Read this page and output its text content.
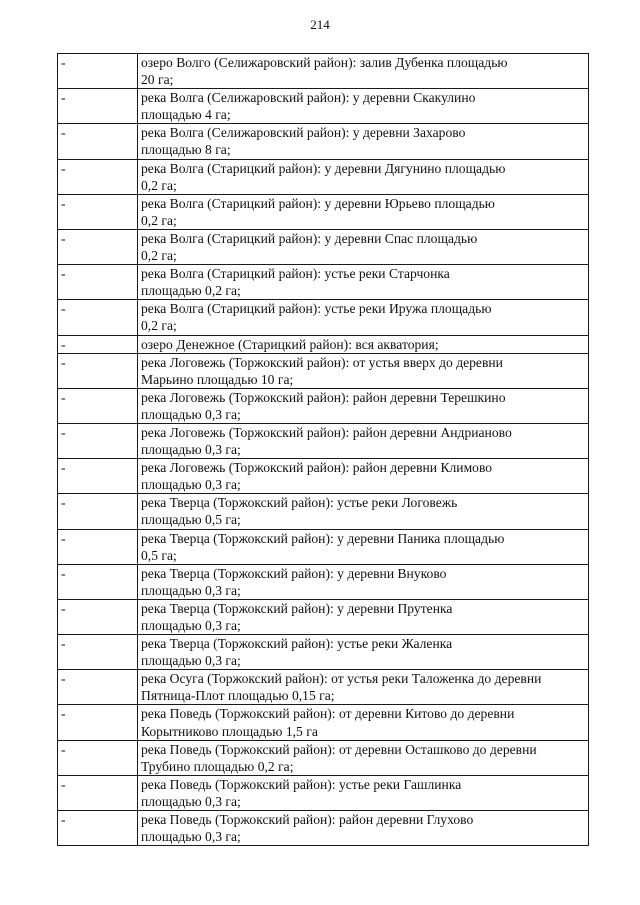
214
-	озеро Волго (Селижаровский район): залив Дубенка площадью
20 га;

-	река Волга (Селижаровский район): у деревни Скакулино
площадью 4 га;

-	река Волга (Селижаровский район): у деревни Захарово
площадью 8 га;

-	река Волга (Старицкий район): у деревни Дягунино площадью
0,2 га;

-	река Волга (Старицкий район): у деревни Юрьево площадью
0,2 га;

-	река Волга (Старицкий район): у деревни Спас площадью
0,2 га;

-	река Волга (Старицкий район): устье реки Старчонка
площадью 0,2 га;

-	река Волга (Старицкий район): устье реки Иружа площадью
0,2 га;

-	озеро Денежное (Старицкий район): вся акватория;

-	река Логовежь (Торжокский район): от устья вверх до деревни
Марьино площадью 10 га;

-	река Логовежь (Торжокский район): район деревни Терешкино
площадью 0,3 га;

-	река Логовежь (Торжокский район): район деревни Андрианово
площадью 0,3 га;

-	река Логовежь (Торжокский район): район деревни Климово
площадью 0,3 га;

-	река Тверца (Торжокский район): устье реки Логовежь
площадью 0,5 га;

-	река Тверца (Торжокский район): у деревни Паника площадью
0,5 га;

-	река Тверца (Торжокский район): у деревни Внуково
площадью 0,3 га;

-	река Тверца (Торжокский район): у деревни Прутенка
площадью 0,3 га;

-	река Тверца (Торжокский район): устье реки Жаленка
площадью 0,3 га;

-	река Осуга (Торжокский район): от устья реки Таложенка до деревни
Пятница-Плот площадью 0,15 га;

-	река Поведь (Торжокский район): от деревни Китово до деревни
Корытниково площадью 1,5 га

-	река Поведь (Торжокский район): от деревни Осташково до деревни
Трубино площадью 0,2 га;

-	река Поведь (Торжокский район): устье реки Гашлинка
площадью 0,3 га;

-	река Поведь (Торжокский район): район деревни Глухово
площадью 0,3 га;
